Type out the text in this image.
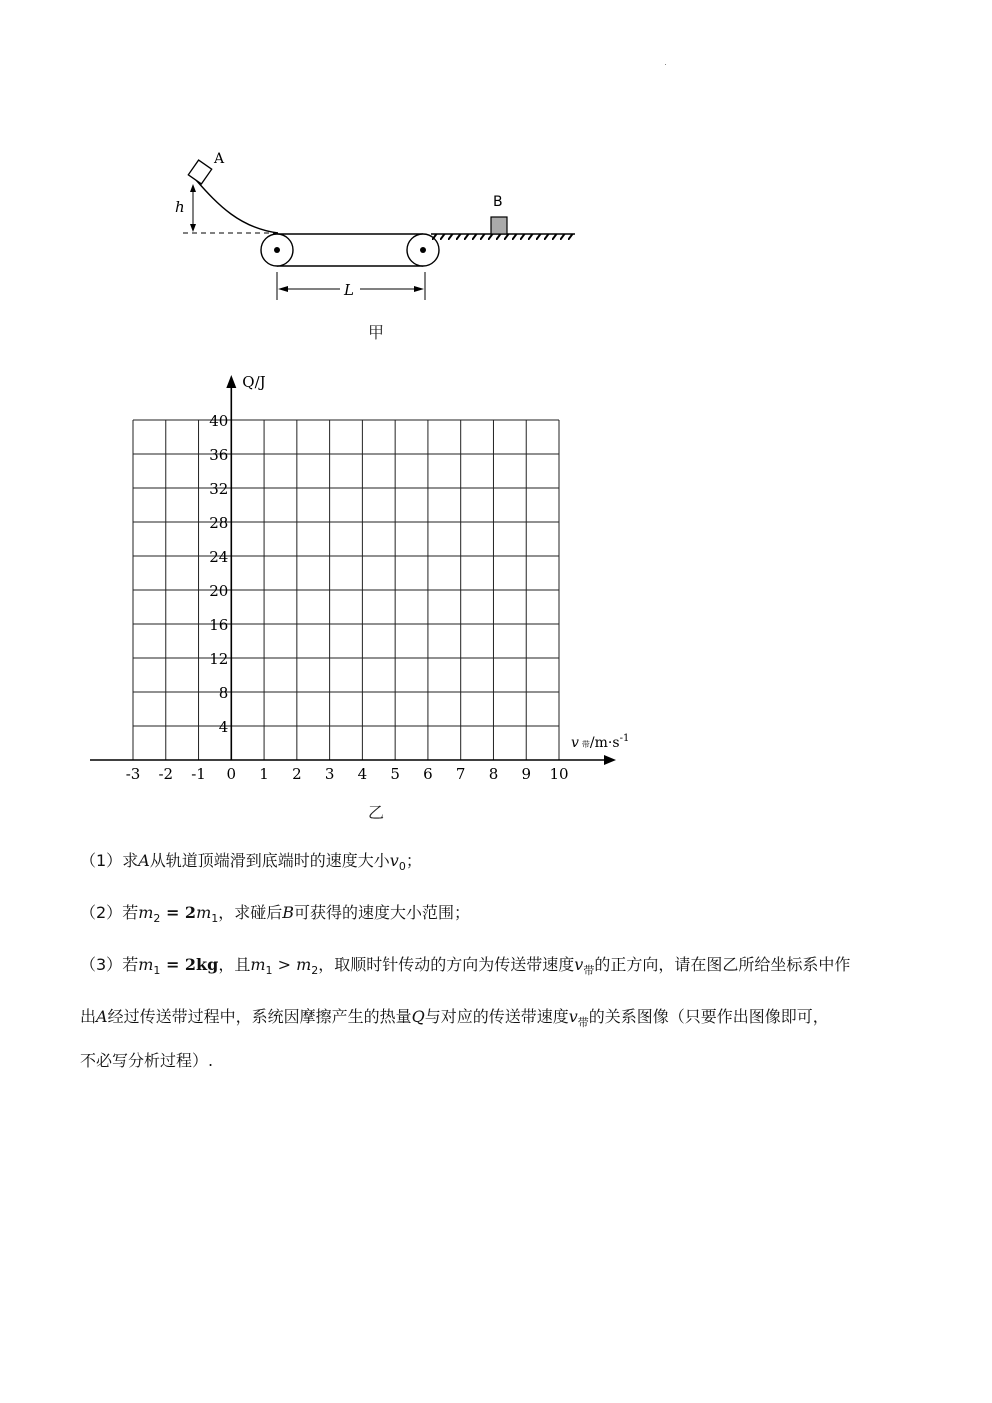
A
h	B
L
甲
Q/J
v带$/m\cdot s^{-1}$
-3 -2 -1 0 1 2 3 4 5 6 7 8 9 10
4
8
12
16
20
24
28
32
36
40
乙
（1）求A从轨道顶端滑到底端时的速度大小$v_0$；
（2）若$m_2 = 2m_1$，求碰后B可获得的速度大小范围；
（3）若$m_1 = 2kg$，且$m_1 > m_2$，取顺时针传动的方向为传送带速度$v_带$的正方向，请在图乙所给坐标系中作
出A经过传送带过程中，系统因摩擦产生的热量Q与对应的传送带速度$v_带$的关系图像（只要作出图像即可，
不必写分析过程）.
